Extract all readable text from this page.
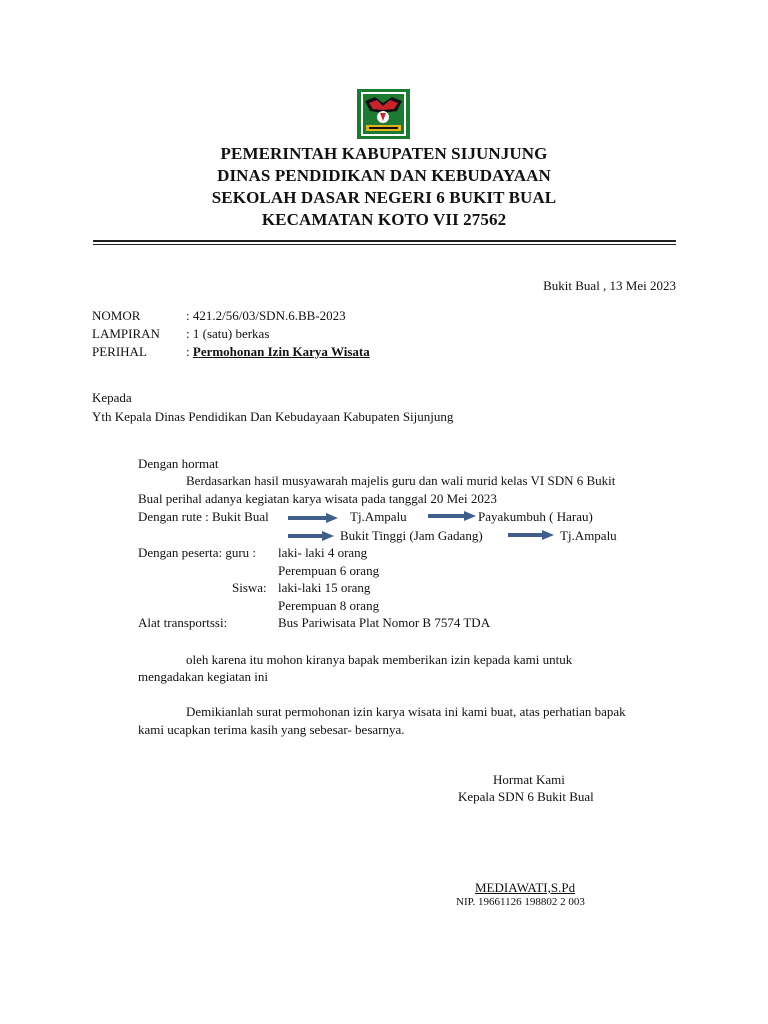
PEMERINTAH KABUPATEN SIJUNJUNG
DINAS PENDIDIKAN DAN KEBUDAYAAN
SEKOLAH DASAR NEGERI 6 BUKIT BUAL
KECAMATAN KOTO VII 27562
Bukit Bual , 13 Mei 2023
NOMOR	: 421.2/56/03/SDN.6.BB-2023
LAMPIRAN : 1 (satu) berkas
PERIHAL	: Permohonan Izin Karya Wisata
Kepada
Yth Kepala Dinas Pendidikan Dan Kebudayaan Kabupaten Sijunjung
Dengan hormat
Berdasarkan hasil musyawarah majelis guru dan wali murid kelas VI SDN 6 Bukit
Bual perihal adanya kegiatan karya wisata pada tanggal 20 Mei 2023
Dengan rute : Bukit Bual	Tj.Ampalu	Payakumbuh ( Harau)
Bukit Tinggi (Jam Gadang)	Tj.Ampalu
Dengan peserta: guru : laki- laki 4 orang
Perempuan 6 orang
Siswa: laki-laki 15 orang
Perempuan 8 orang
Alat transportssi:	Bus Pariwisata Plat Nomor B 7574 TDA
oleh karena itu mohon kiranya bapak memberikan izin kepada kami untuk
mengadakan kegiatan ini
Demikianlah surat permohonan izin karya wisata ini kami buat, atas perhatian bapak
kami ucapkan terima kasih yang sebesar- besarnya.
Hormat Kami
Kepala SDN 6 Bukit Bual
MEDIAWATI,S.Pd
NIP. 19661126 198802 2 003
